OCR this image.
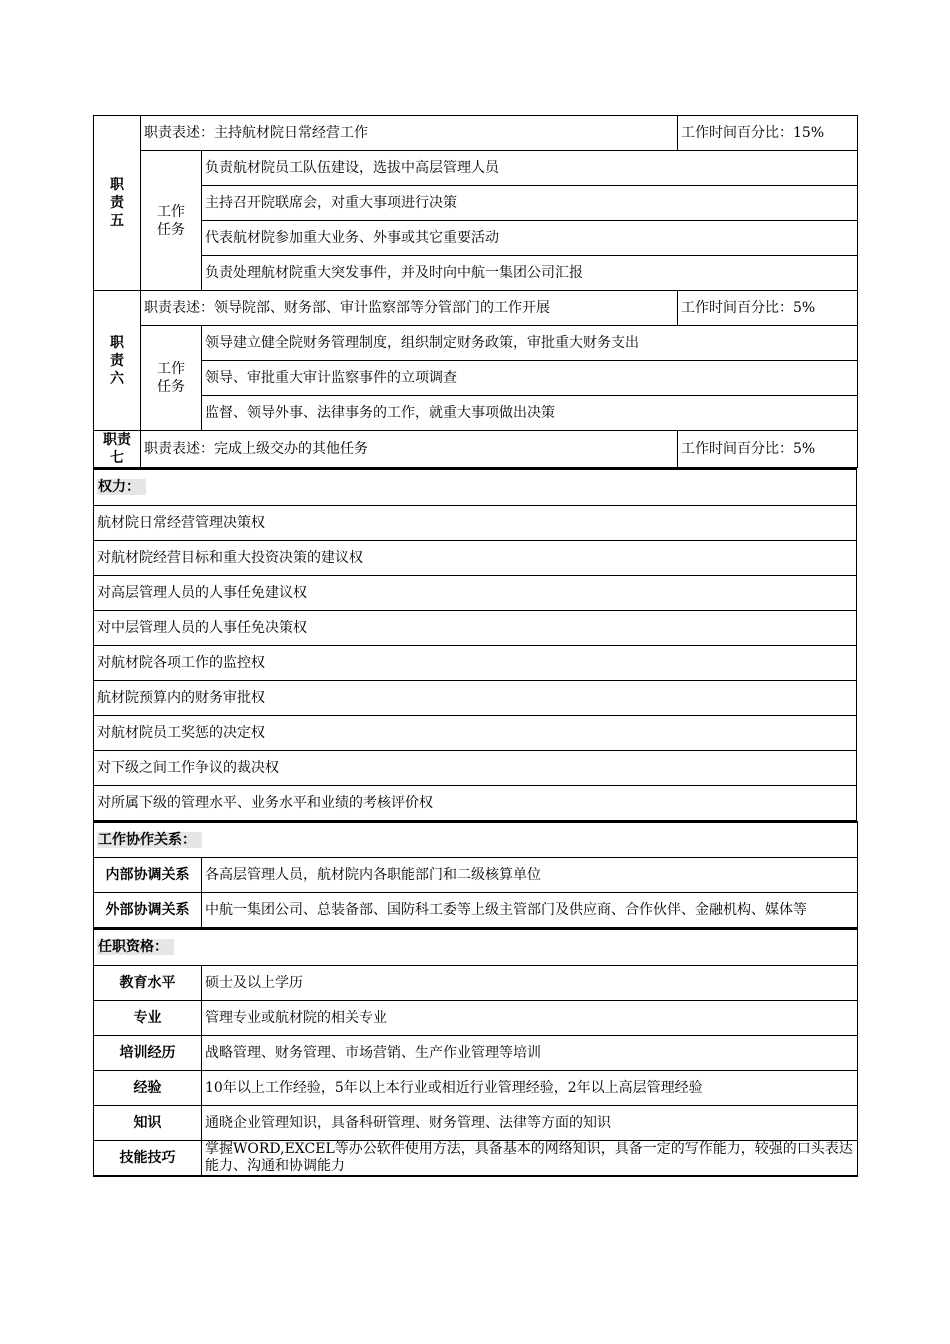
职
责
五	职责表述：主持航材院日常经营工作		工作时间百分比：15%
	工作
任务	负责航材院员工队伍建设，选拔中高层管理人员	
		主持召开院联席会，对重大事项进行决策	
		代表航材院参加重大业务、外事或其它重要活动	
		负责处理航材院重大突发事件，并及时向中航一集团公司汇报	
职
责
六	职责表述：领导院部、财务部、审计监察部等分管部门的工作开展		工作时间百分比：5%
	工作
任务	领导建立健全院财务管理制度，组织制定财务政策，审批重大财务支出	
		领导、审批重大审计监察事件的立项调查	
		监督、领导外事、法律事务的工作，就重大事项做出决策	
职责
七	职责表述：完成上级交办的其他任务		工作时间百分比：5%
权力：
航材院日常经营管理决策权
对航材院经营目标和重大投资决策的建议权
对高层管理人员的人事任免建议权
对中层管理人员的人事任免决策权
对航材院各项工作的监控权
航材院预算内的财务审批权
对航材院员工奖惩的决定权
对下级之间工作争议的裁决权
对所属下级的管理水平、业务水平和业绩的考核评价权
工作协作关系：	
内部协调关系	各高层管理人员，航材院内各职能部门和二级核算单位
外部协调关系	中航一集团公司、总装备部、国防科工委等上级主管部门及供应商、合作伙伴、金融机构、媒体等
任职资格：	
教育水平	硕士及以上学历
专业	管理专业或航材院的相关专业
培训经历	战略管理、财务管理、市场营销、生产作业管理等培训
经验	10年以上工作经验，5年以上本行业或相近行业管理经验，2年以上高层管理经验
知识	通晓企业管理知识，具备科研管理、财务管理、法律等方面的知识
技能技巧	掌握WORD,EXCEL等办公软件使用方法，具备基本的网络知识，具备一定的写作能力，较强的口头表达能力、沟通和协调能力
